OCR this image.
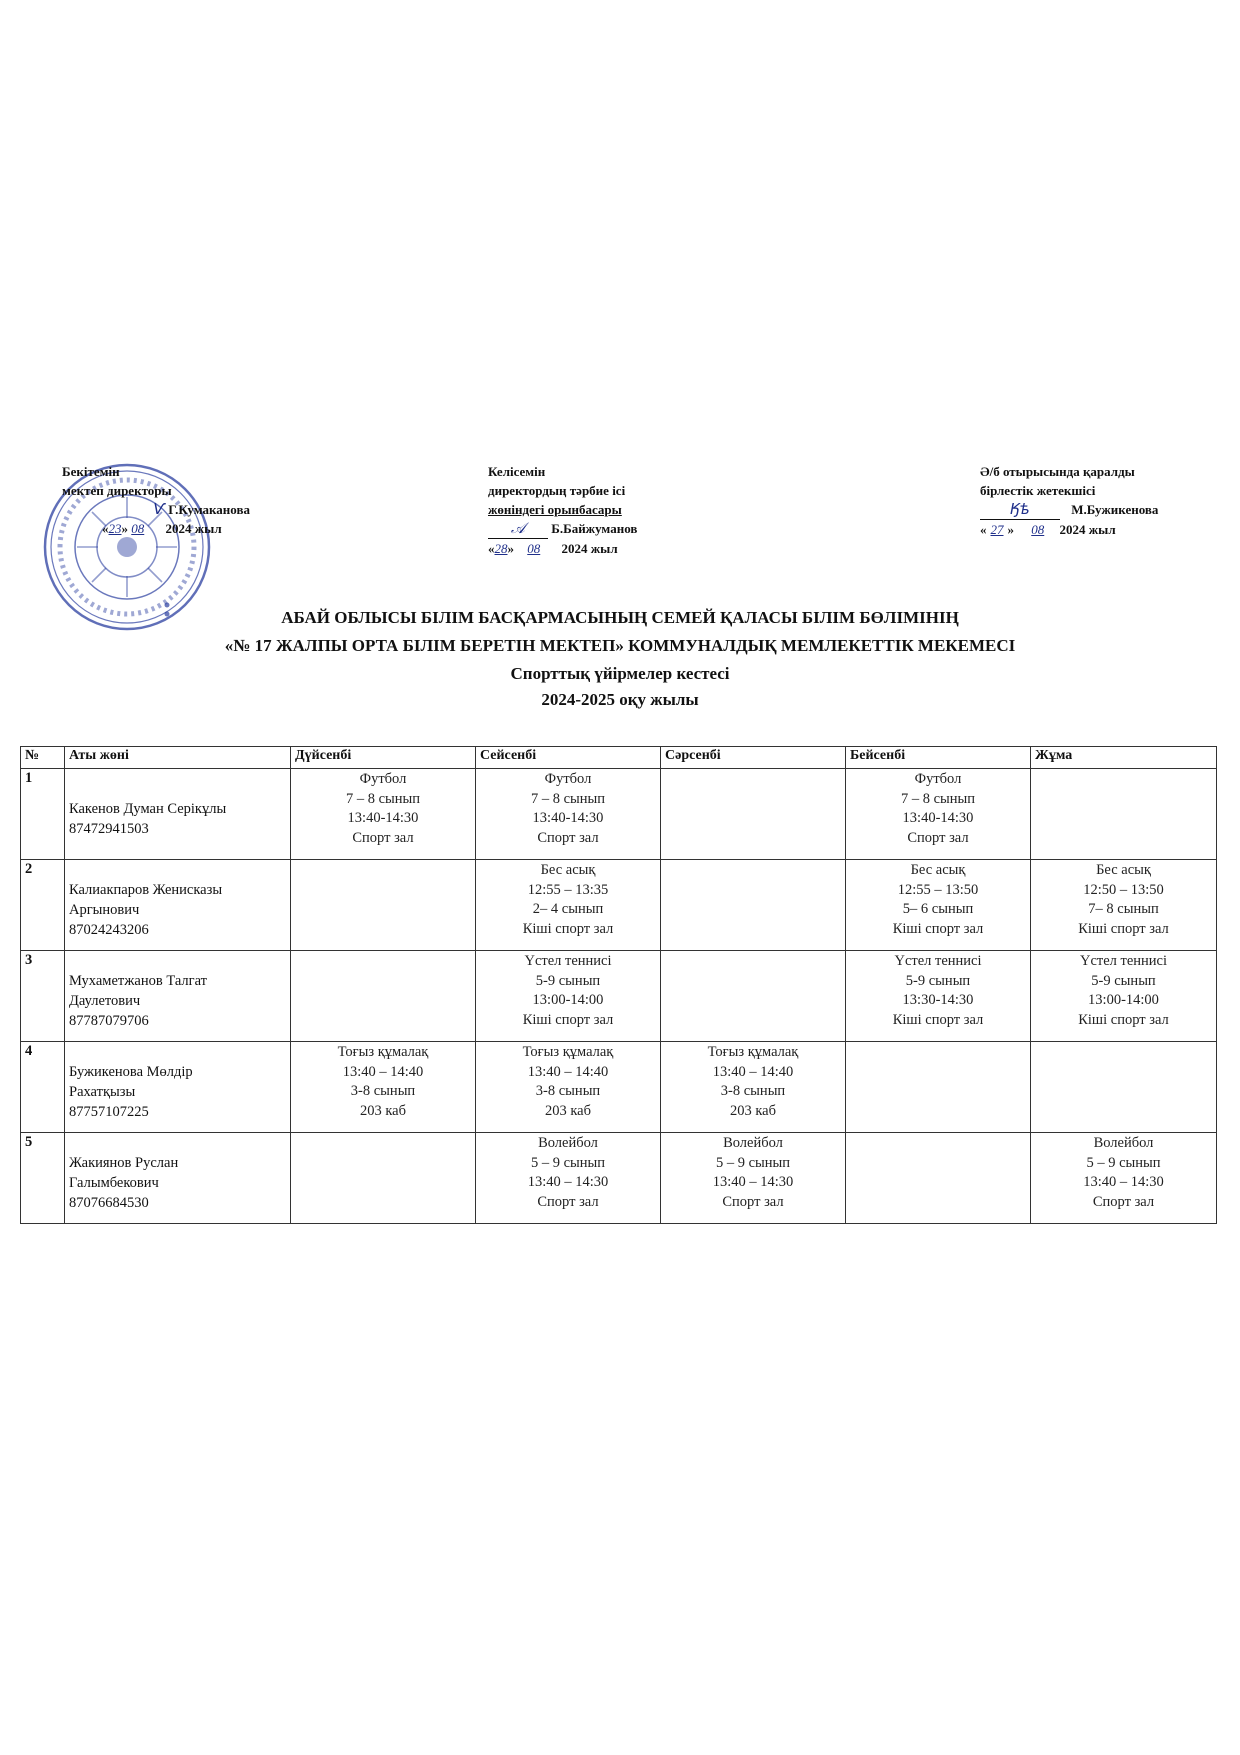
Бекітемін
мектеп директоры
Ѵ Г.Кумаканова
«23» 08 2024 жыл
Келісемін
директордың тәрбие ісі
жөніндегі орынбасары
𝒜 Б.Байжуманов
«28» 08 2024 жыл
Ә/б отырысында қаралды
бірлестік жетекшісі
Ӄѣ	М.Бужикенова
« 27 » 08 2024 жыл
АБАЙ ОБЛЫСЫ БІЛІМ БАСҚАРМАСЫНЫҢ СЕМЕЙ ҚАЛАСЫ БІЛІМ БӨЛІМІНІҢ
«№ 17 ЖАЛПЫ ОРТА БІЛІМ БЕРЕТІН МЕКТЕП» КОММУНАЛДЫҚ МЕМЛЕКЕТТІК МЕКЕМЕСІ
Спорттық үйірмелер кестесі
2024-2025 оқу жылы
№	Аты жөні	Дүйсенбі	Сейсенбі	Сәрсенбі	Бейсенбі	Жұма
1	Какенов Думан Серікұлы
87472941503	Футбол
7 – 8 сынып
13:40-14:30
Спорт зал	Футбол
7 – 8 сынып
13:40-14:30
Спорт зал		Футбол
7 – 8 сынып
13:40-14:30
Спорт зал	

2	Калиакпаров Женисказы
Аргынович
87024243206		Бес асық
12:55 – 13:35
2– 4 сынып
Кіші спорт зал		Бес асық
12:55 – 13:50
5– 6 сынып
Кіші спорт зал	Бес асық
12:50 – 13:50
7– 8 сынып
Кіші спорт зал

3	Мухаметжанов Талгат
Даулетович
87787079706		Үстел теннисі
5-9 сынып
13:00-14:00
Кіші спорт зал		Үстел теннисі
5-9 сынып
13:30-14:30
Кіші спорт зал	Үстел теннисі
5-9 сынып
13:00-14:00
Кіші спорт зал

4	Бужикенова Мөлдір
Рахатқызы
87757107225	Тоғыз құмалақ
13:40 – 14:40
3-8 сынып
203 каб	Тоғыз құмалақ
13:40 – 14:40
3-8 сынып
203 каб	Тоғыз құмалақ
13:40 – 14:40
3-8 сынып
203 каб		

5	Жакиянов Руслан
Галымбекович
87076684530		Волейбол
5 – 9 сынып
13:40 – 14:30
Спорт зал	Волейбол
5 – 9 сынып
13:40 – 14:30
Спорт зал		Волейбол
5 – 9 сынып
13:40 – 14:30
Спорт зал
